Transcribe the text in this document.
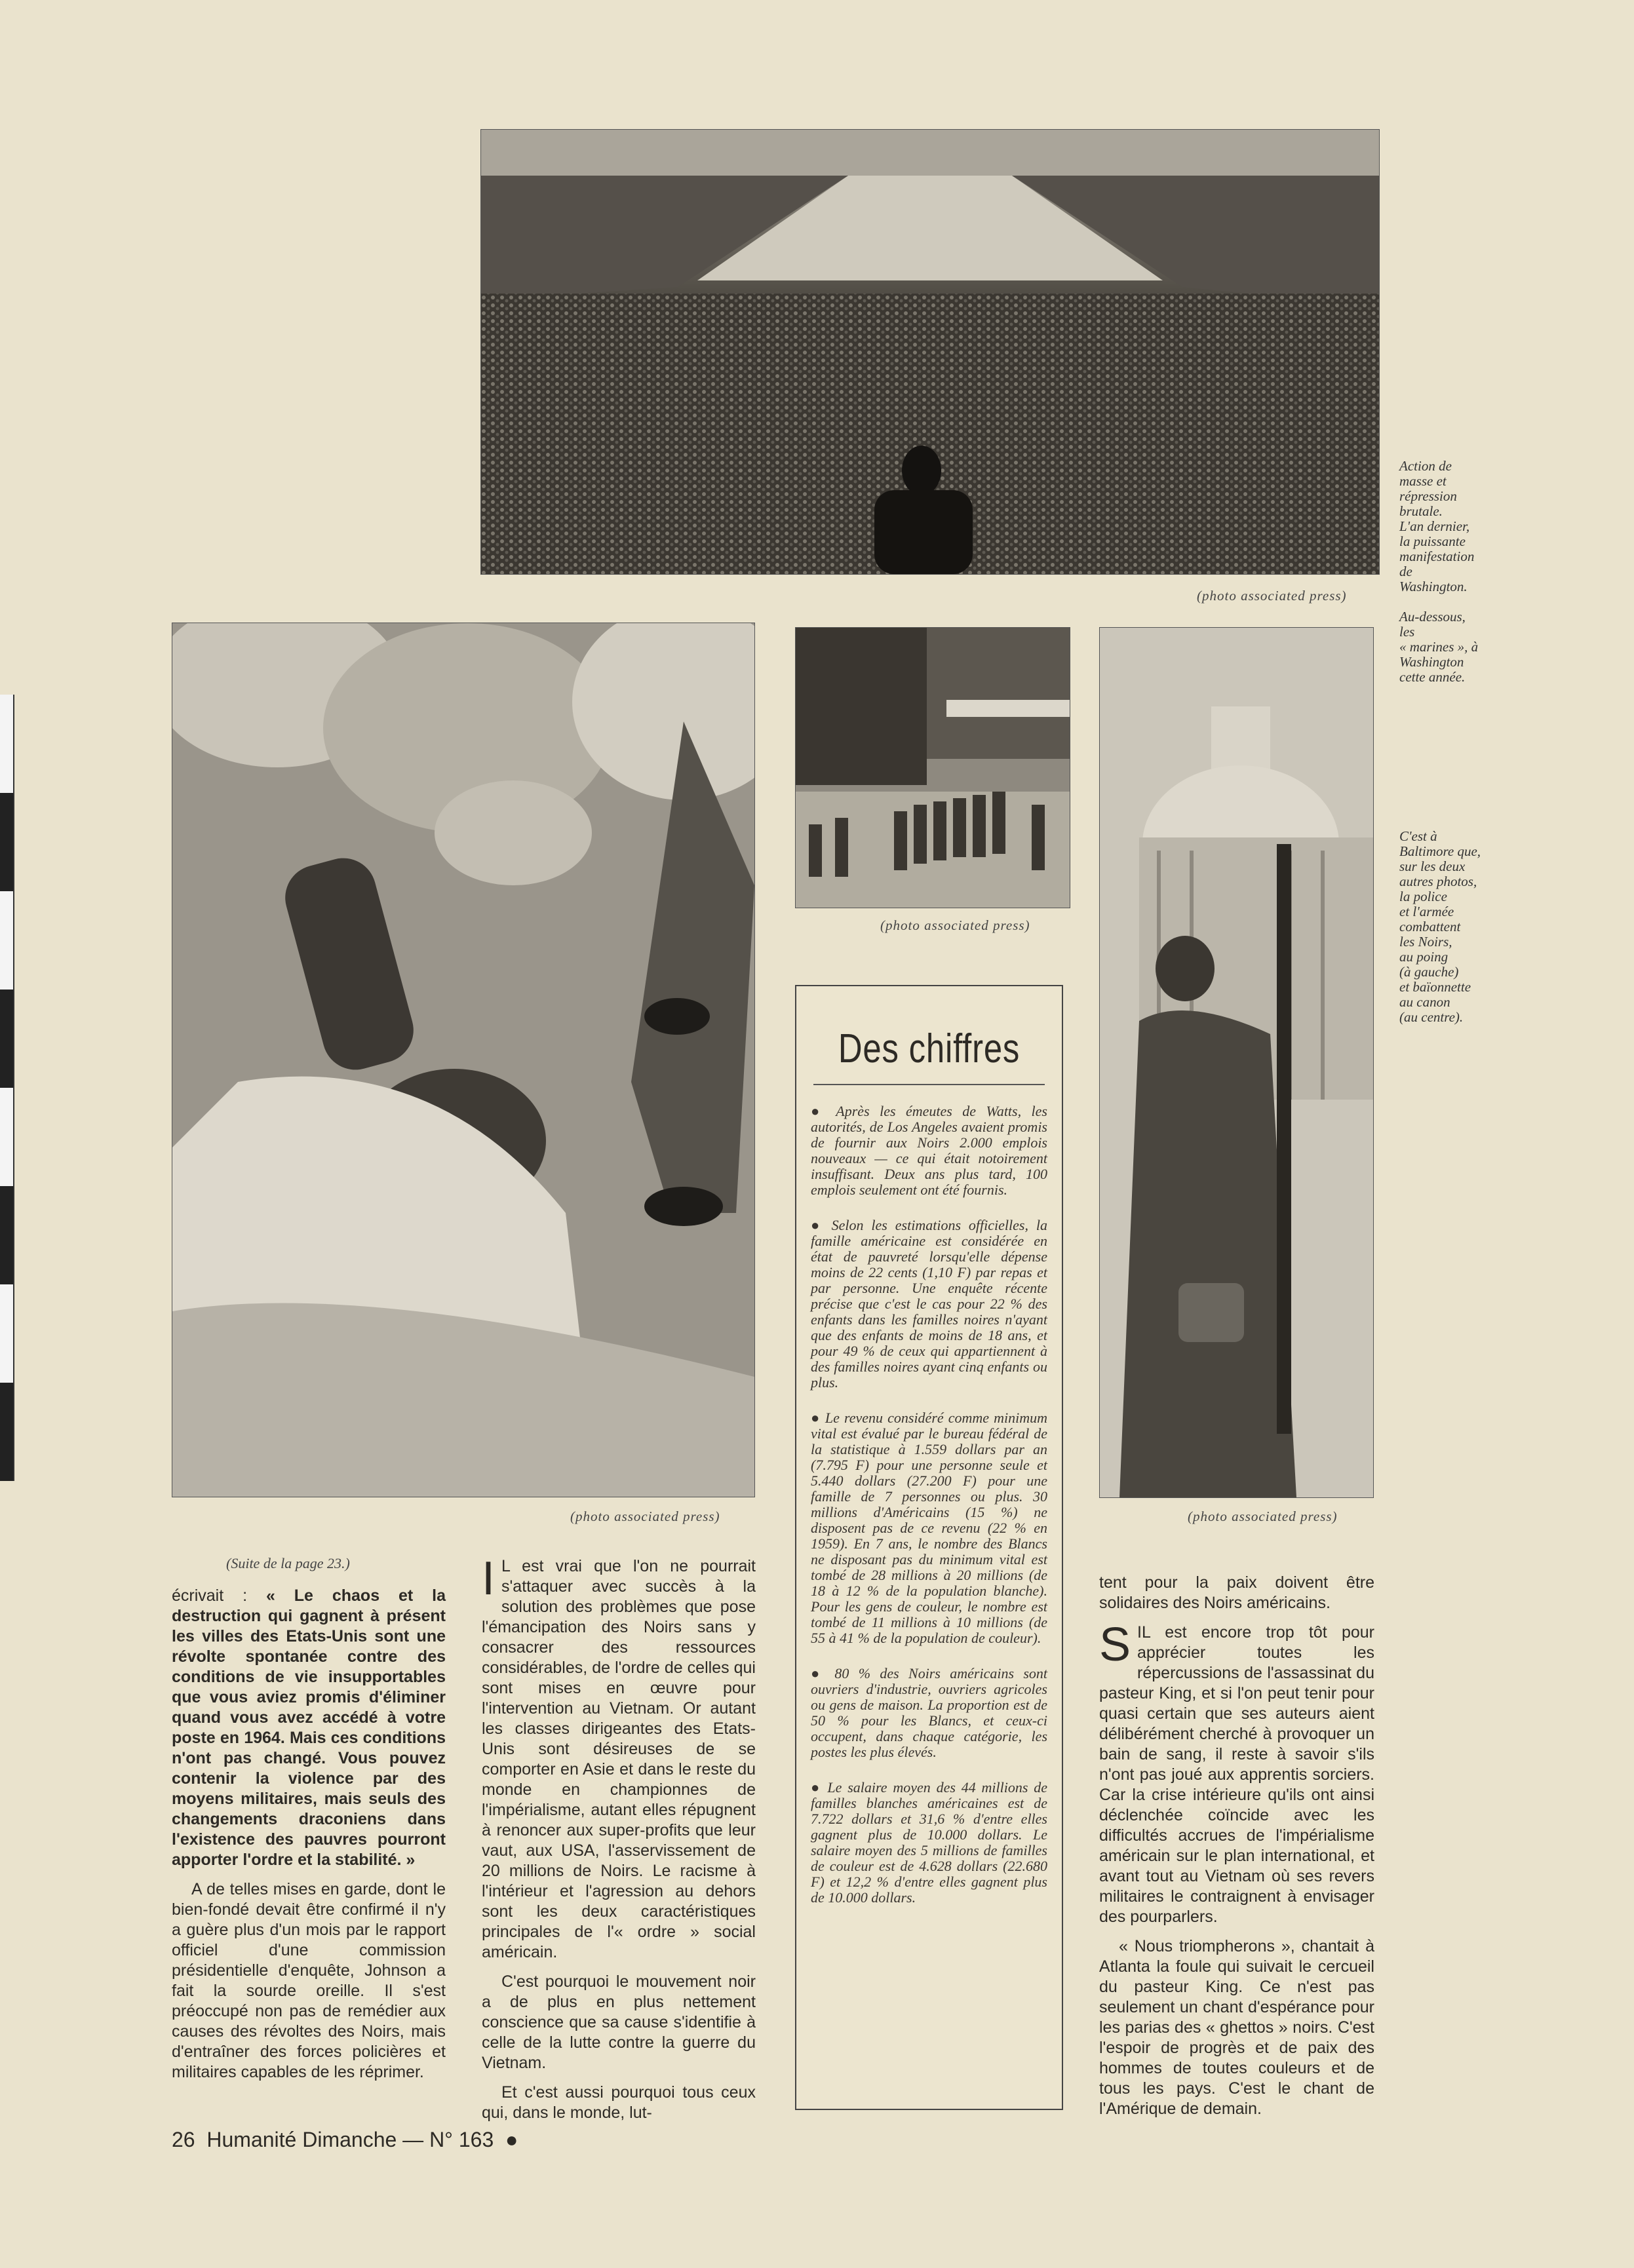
(photo associated press)
(photo associated press)
(photo associated press)
(photo associated press)
Action de
masse et
répression
brutale.
L'an dernier,
la puissante
manifestation
de
Washington.

Au-dessous,
les
« marines », à
Washington
cette année.
C'est à
Baltimore que,
sur les deux
autres photos,
la police
et l'armée
combattent
les Noirs,
au poing
(à gauche)
et baïonnette
au canon
(au centre).
Des chiffres

● Après les émeutes de Watts, les autorités, de Los Angeles avaient promis de fournir aux Noirs 2.000 emplois nouveaux — ce qui était notoirement insuffisant. Deux ans plus tard, 100 emplois seulement ont été fournis.

● Selon les estimations officielles, la famille américaine est considérée en état de pauvreté lorsqu'elle dépense moins de 22 cents (1,10 F) par repas et par personne. Une enquête récente précise que c'est le cas pour 22 % des enfants dans les familles noires n'ayant que des enfants de moins de 18 ans, et pour 49 % de ceux qui appartiennent à des familles noires ayant cinq enfants ou plus.

● Le revenu considéré comme minimum vital est évalué par le bureau fédéral de la statistique à 1.559 dollars par an (7.795 F) pour une personne seule et 5.440 dollars (27.200 F) pour une famille de 7 personnes ou plus. 30 millions d'Américains (15 %) ne disposent pas de ce revenu (22 % en 1959). En 7 ans, le nombre des Blancs ne disposant pas du minimum vital est tombé de 28 millions à 20 millions (de 18 à 12 % de la population blanche). Pour les gens de couleur, le nombre est tombé de 11 millions à 10 millions (de 55 à 41 % de la population de couleur).

● 80 % des Noirs américains sont ouvriers d'industrie, ouvriers agricoles ou gens de maison. La proportion est de 50 % pour les Blancs, et ceux-ci occupent, dans chaque catégorie, les postes les plus élevés.

● Le salaire moyen des 44 millions de familles blanches américaines est de 7.722 dollars et 31,6 % d'entre elles gagnent plus de 10.000 dollars. Le salaire moyen des 5 millions de familles de couleur est de 4.628 dollars (22.680 F) et 12,2 % d'entre elles gagnent plus de 10.000 dollars.

(Suite de la page 23.)

écrivait : « Le chaos et la destruction qui gagnent à présent les villes des Etats-Unis sont une révolte spontanée contre des conditions de vie insupportables que vous aviez promis d'éliminer quand vous avez accédé à votre poste en 1964. Mais ces conditions n'ont pas changé. Vous pouvez contenir la violence par des moyens militaires, mais seuls des changements draconiens dans l'existence des pauvres pourront apporter l'ordre et la stabilité. »

A de telles mises en garde, dont le bien-fondé devait être confirmé il n'y a guère plus d'un mois par le rapport officiel d'une commission présidentielle d'enquête, Johnson a fait la sourde oreille. Il s'est préoccupé non pas de remédier aux causes des révoltes des Noirs, mais d'entraîner des forces policières et militaires capables de les réprimer.

I L est vrai que l'on ne pourrait s'attaquer avec succès à la solution des problèmes que pose l'émancipation des Noirs sans y consacrer des ressources considérables, de l'ordre de celles qui sont mises en œuvre pour l'intervention au Vietnam. Or autant les classes dirigeantes des Etats-Unis sont désireuses de se comporter en Asie et dans le reste du monde en championnes de l'impérialisme, autant elles répugnent à renoncer aux super-profits que leur vaut, aux USA, l'asservissement de 20 millions de Noirs. Le racisme à l'intérieur et l'agression au dehors sont les deux caractéristiques principales de l'« ordre » social américain.

C'est pourquoi le mouvement noir a de plus en plus nettement conscience que sa cause s'identifie à celle de la lutte contre la guerre du Vietnam.

Et c'est aussi pourquoi tous ceux qui, dans le monde, lut-

tent pour la paix doivent être solidaires des Noirs américains.

SIL est encore trop tôt pour apprécier toutes les répercussions de l'assassinat du pasteur King, et si l'on peut tenir pour quasi certain que ses auteurs aient délibérément cherché à provoquer un bain de sang, il reste à savoir s'ils n'ont pas joué aux apprentis sorciers. Car la crise intérieure qu'ils ont ainsi déclenchée coïncide avec les difficultés accrues de l'impérialisme américain sur le plan international, et avant tout au Vietnam où ses revers militaires le contraignent à envisager des pourparlers.

« Nous triompherons », chantait à Atlanta la foule qui suivait le cercueil du pasteur King. Ce n'est pas seulement un chant d'espérance pour les parias des « ghettos » noirs. C'est l'espoir de progrès et de paix des hommes de toutes couleurs et de tous les pays. C'est le chant de l'Amérique de demain.

26  Humanité Dimanche — N° 163  ●
